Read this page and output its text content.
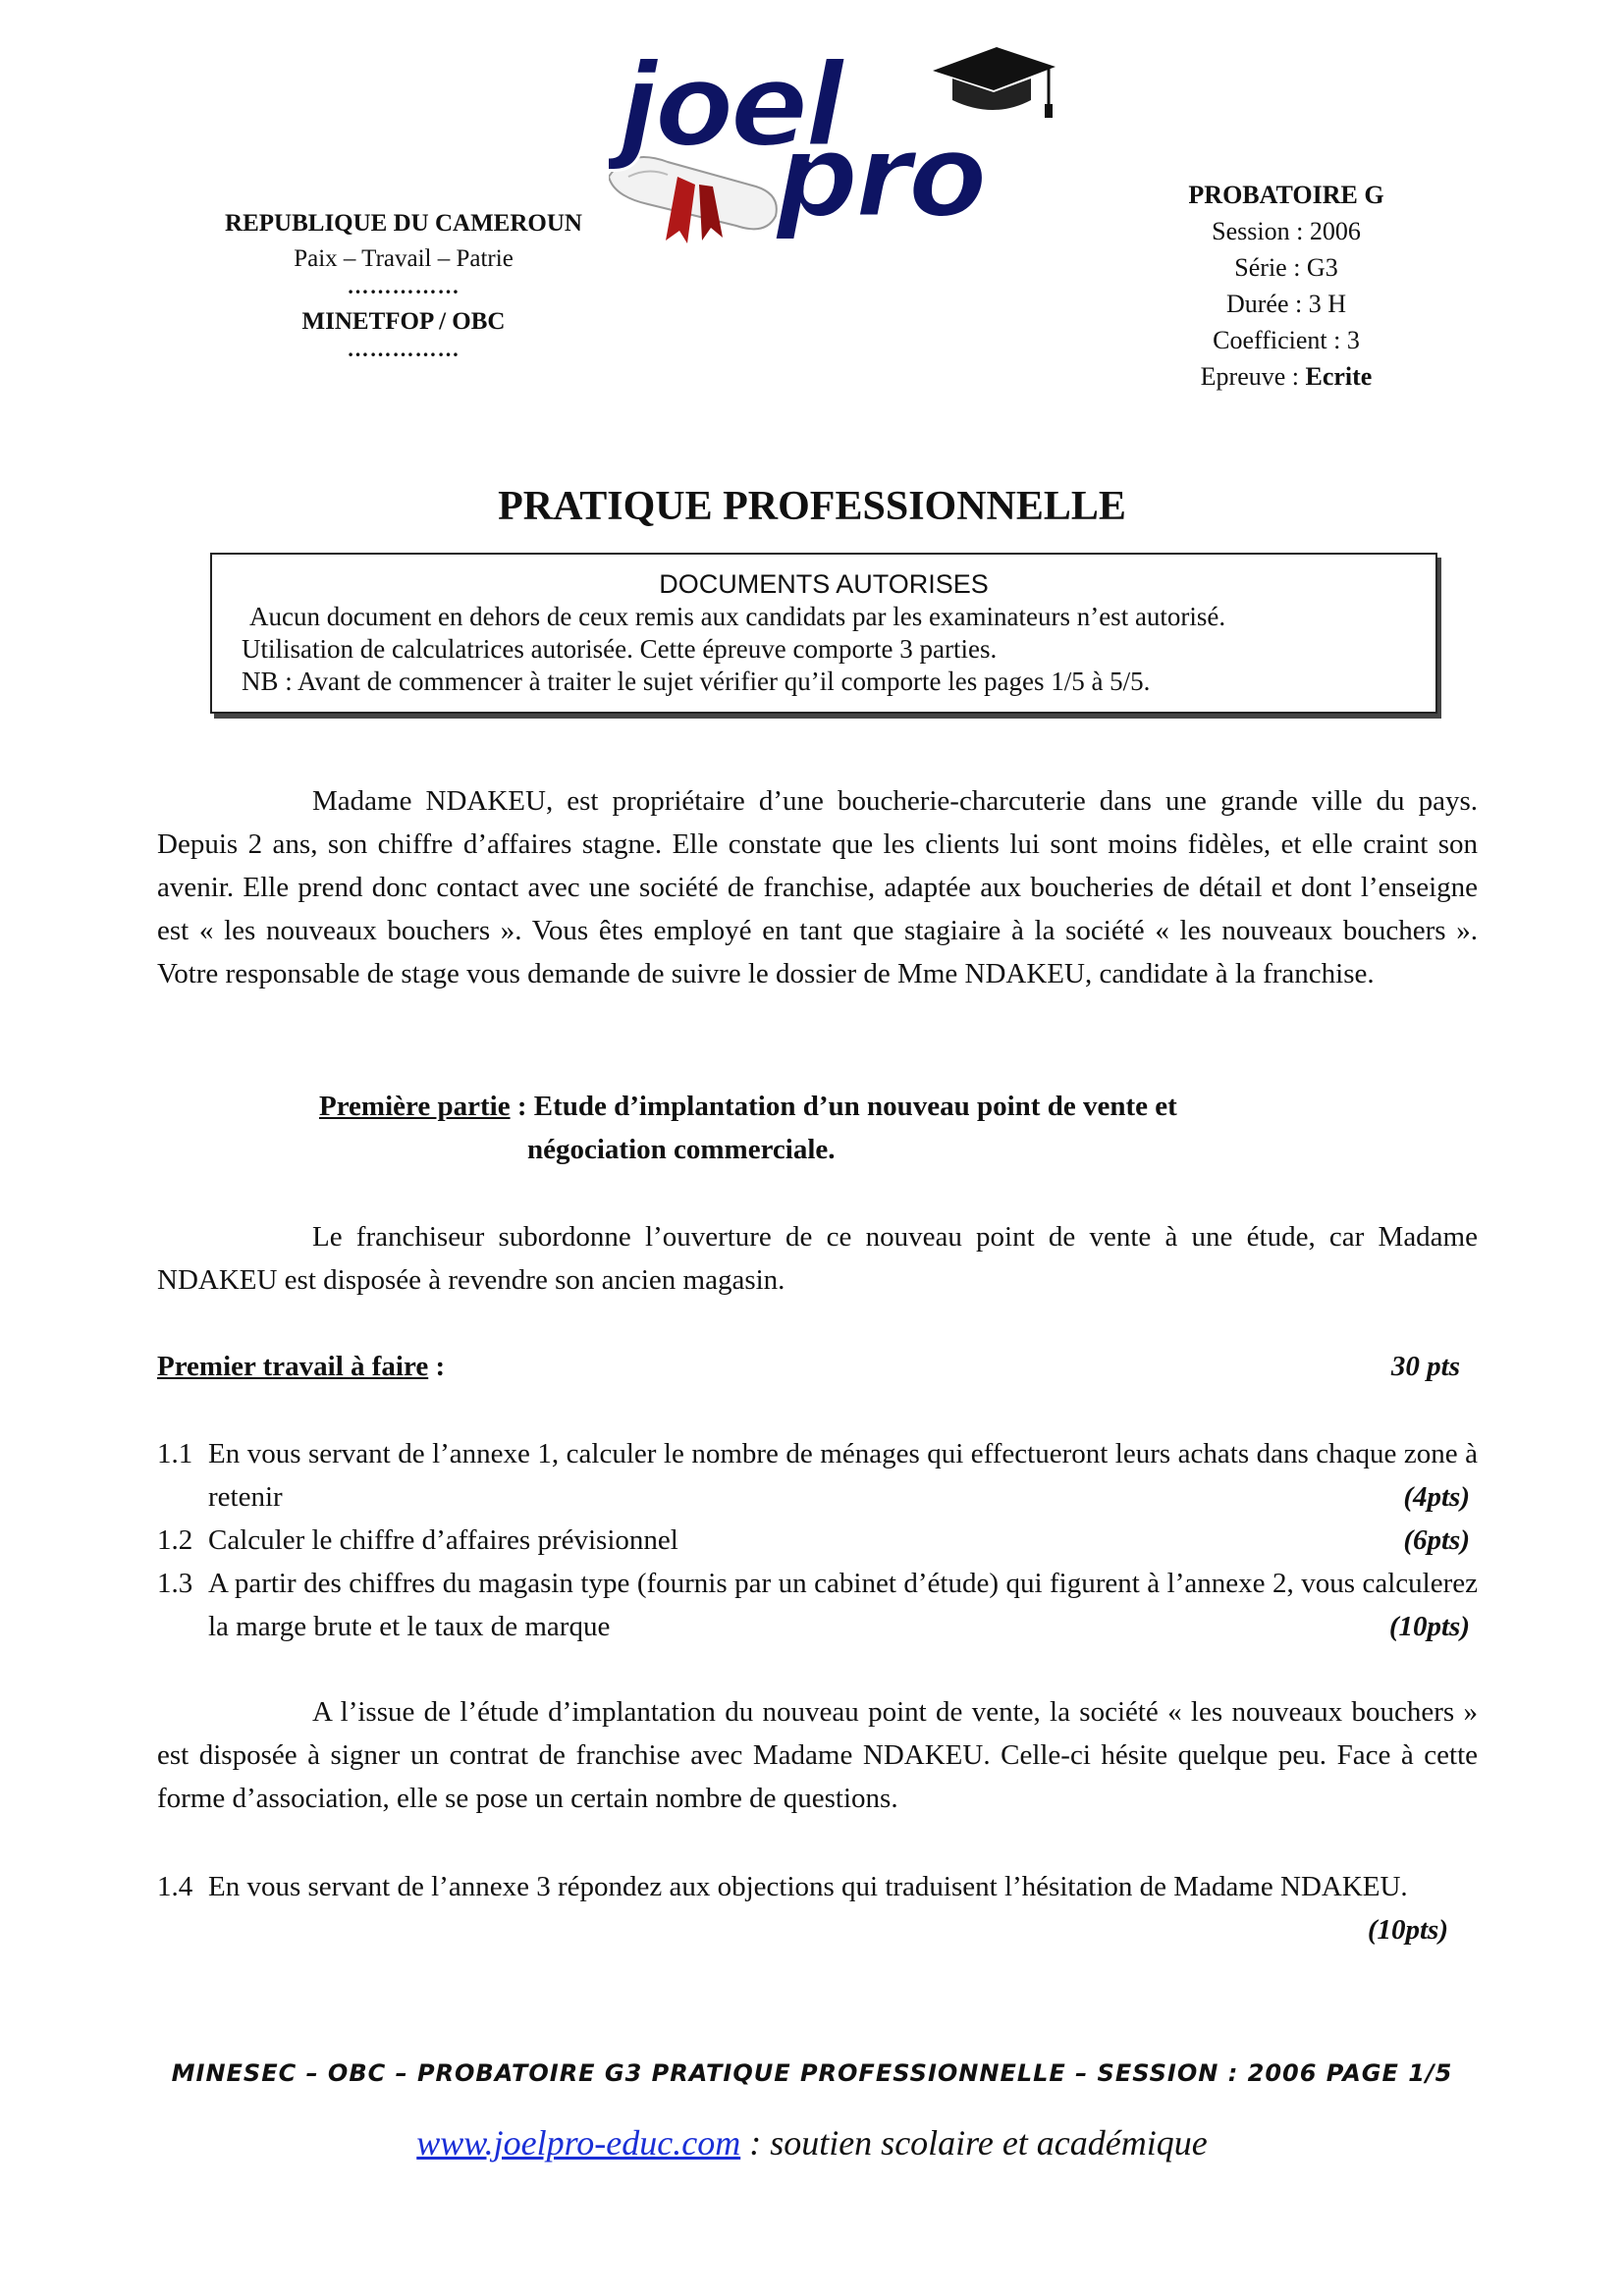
joel
pro
REPUBLIQUE DU CAMEROUN
Paix – Travail – Patrie
……………
MINETFOP / OBC
……………
PROBATOIRE G
Session : 2006
Série : G3
Durée : 3 H
Coefficient : 3
Epreuve : Ecrite
PRATIQUE PROFESSIONNELLE
DOCUMENTS AUTORISES
Aucun document en dehors de ceux remis aux candidats par les examinateurs n’est autorisé.
Utilisation de calculatrices autorisée. Cette épreuve comporte 3 parties.
NB : Avant de commencer à traiter le sujet vérifier qu’il comporte les pages 1/5 à 5/5.
Madame NDAKEU, est propriétaire d’une boucherie-charcuterie dans une grande ville du pays. Depuis 2 ans, son chiffre d’affaires stagne. Elle constate que les clients lui sont moins fidèles, et elle craint son avenir. Elle prend donc contact avec une société de franchise, adaptée aux boucheries de détail et dont l’enseigne est « les nouveaux bouchers ». Vous êtes employé en tant que stagiaire à la société « les nouveaux bouchers ». Votre responsable de stage vous demande de suivre le dossier de Mme NDAKEU, candidate à la franchise.
Première partie : Etude d’implantation d’un nouveau point de vente et
négociation commerciale.
Le franchiseur subordonne l’ouverture de ce nouveau point de vente à une étude, car Madame NDAKEU est disposée à revendre son ancien magasin.
Premier travail à faire :	30 pts
1.1 En vous servant de l’annexe 1, calculer le nombre de ménages qui effectueront leurs achats dans chaque zone à retenir	(4pts)
1.2 Calculer le chiffre d’affaires prévisionnel	(6pts)
1.3 A partir des chiffres du magasin type (fournis par un cabinet d’étude) qui figurent à l’annexe 2, vous calculerez la marge brute et le taux de marque	(10pts)
A l’issue de l’étude d’implantation du nouveau point de vente, la société « les nouveaux bouchers » est disposée à signer un contrat de franchise avec Madame NDAKEU. Celle-ci hésite quelque peu. Face à cette forme d’association, elle se pose un certain nombre de questions.
1.4 En vous servant de l’annexe 3 répondez aux objections qui traduisent l’hésitation de Madame NDAKEU.
(10pts)
MINESEC – OBC – PROBATOIRE G3 PRATIQUE PROFESSIONNELLE – SESSION : 2006 PAGE 1/5
www.joelpro-educ.com : soutien scolaire et académique
